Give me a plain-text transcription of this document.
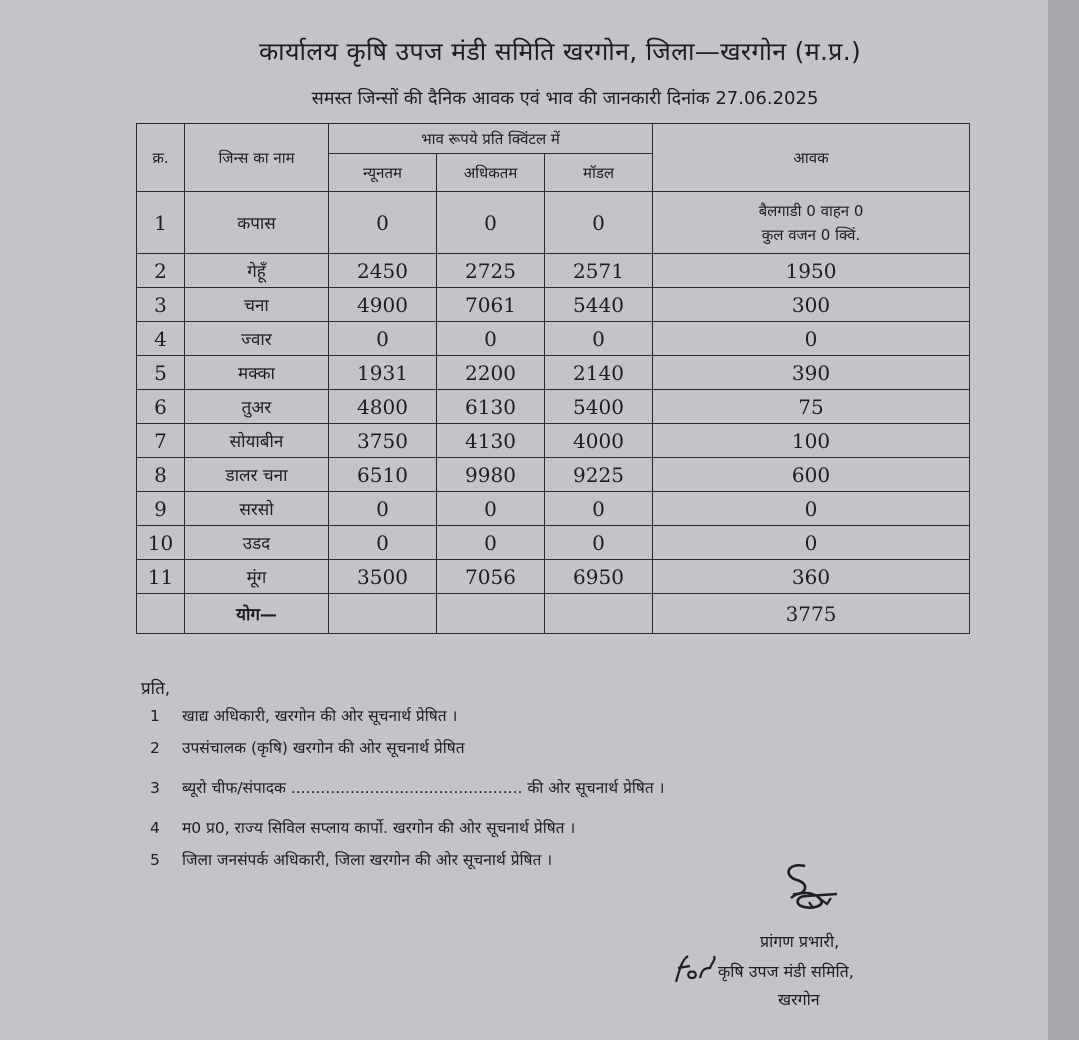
कार्यालय कृषि उपज मंडी समिति खरगोन, जिला—खरगोन (म.प्र.)
समस्त जिन्सों की दैनिक आवक एवं भाव की जानकारी दिनांक 27.06.2025
क्र.	जिन्स का नाम	भाव रूपये प्रति क्विंटल में			आवक
		न्यूनतम	अधिकतम	मॉडल	
1	कपास	0	0	0	बैलगाडी 0 वाहन 0
कुल वजन 0 क्विं.

2	गेहूँ	2450	2725	2571	1950
3	चना	4900	7061	5440	300
4	ज्वार	0	0	0	0
5	मक्का	1931	2200	2140	390
6	तुअर	4800	6130	5400	75
7	सोयाबीन	3750	4130	4000	100
8	डालर चना	6510	9980	9225	600
9	सरसो	0	0	0	0
10	उडद	0	0	0	0
11	मूंग	3500	7056	6950	360
	योग—				3775
प्रति,
1 खाद्य अधिकारी, खरगोन की ओर सूचनार्थ प्रेषित ।
2 उपसंचालक (कृषि) खरगोन की ओर सूचनार्थ प्रेषित
3 ब्यूरो चीफ/संपादक ............................................... की ओर सूचनार्थ प्रेषित ।
4 म0 प्र0, राज्य सिविल सप्लाय कार्पो. खरगोन की ओर सूचनार्थ प्रेषित ।
5 जिला जनसंपर्क अधिकारी, जिला खरगोन की ओर सूचनार्थ प्रेषित ।
प्रांगण प्रभारी,
कृषि उपज मंडी समिति,
खरगोन
